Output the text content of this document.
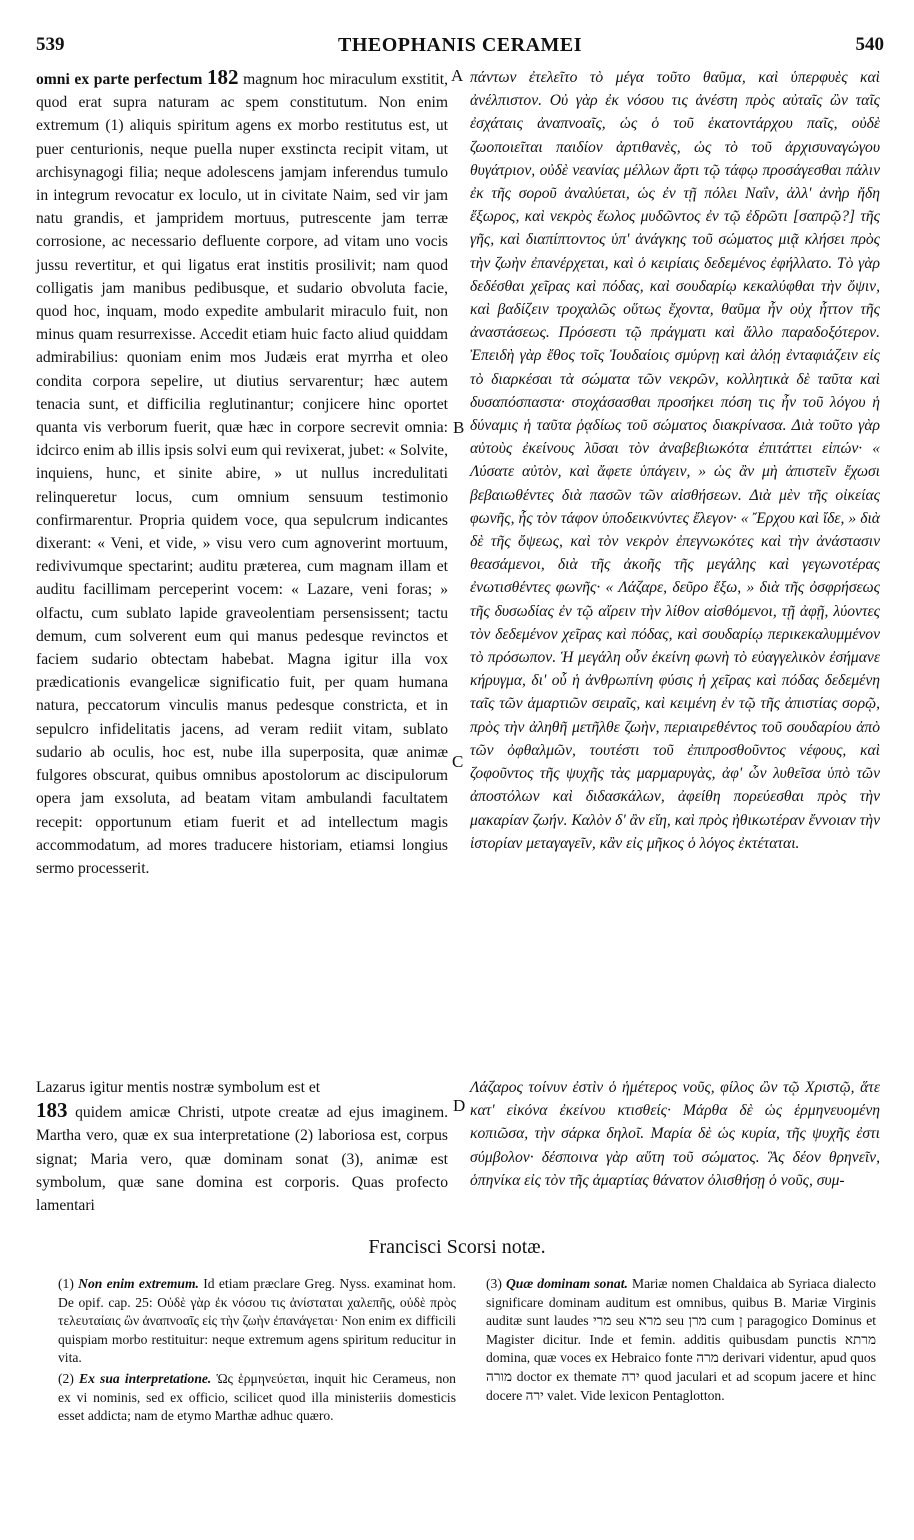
539	THEOPHANIS CERAMEI	540
A
B
C
D

omni ex parte perfectum 182 magnum hoc miraculum exstitit, quod erat supra naturam ac spem constitutum. Non enim extremum (1) aliquis spiritum agens ex morbo restitutus est, ut puer centurionis, neque puella nuper exstincta recipit vitam, ut archisynagogi filia; neque adolescens jamjam inferendus tumulo in integrum revocatur ex loculo, ut in civitate Naim, sed vir jam natu grandis, et jampridem mortuus, putrescente jam terræ corrosione, ac necessario defluente corpore, ad vitam uno vocis jussu revertitur, et qui ligatus erat institis prosilivit; nam quod colligatis jam manibus pedibusque, et sudario obvoluta facie, quod hoc, inquam, modo expedite ambularit miraculo fuit, non minus quam resurrexisse. Accedit etiam huic facto aliud quiddam admirabilius: quoniam enim mos Judæis erat myrrha et oleo condita corpora sepelire, ut diutius servarentur; hæc autem tenacia sunt, et difficilia reglutinantur; conjicere hinc oportet quanta vis verborum fuerit, quæ hæc in corpore secrevit omnia: idcirco enim ab illis ipsis solvi eum qui revixerat, jubet: « Solvite, inquiens, hunc, et sinite abire, » ut nullus incredulitati relinqueretur locus, cum omnium sensuum testimonio confirmarentur. Propria quidem voce, qua sepulcrum indicantes dixerant: « Veni, et vide, » visu vero cum agnoverint mortuum, redivivumque spectarint; auditu præterea, cum magnam illam et auditu facillimam perceperint vocem: « Lazare, veni foras; » olfactu, cum sublato lapide graveolentiam persensissent; tactu demum, cum solverent eum qui manus pedesque revinctos et faciem sudario obtectam habebat. Magna igitur illa vox prædicationis evangelicæ significatio fuit, per quam humana natura, peccatorum vinculis manus pedesque constricta, et in sepulcro infidelitatis jacens, ad veram rediit vitam, sublato sudario ab oculis, hoc est, nube illa superposita, quæ animæ fulgores obscurat, quibus omnibus apostolorum ac discipulorum opera jam exsoluta, ad beatam vitam ambulandi facultatem recepit: opportunum etiam fuerit et ad intellectum magis accommodatum, ad mores traducere historiam, etiamsi longius sermo processerit.

πάντων ἐτελεῖτο τὸ μέγα τοῦτο θαῦμα, καὶ ὑπερφυὲς καὶ ἀνέλπιστον. Οὐ γὰρ ἐκ νόσου τις ἀνέστη πρὸς αὐταῖς ὢν ταῖς ἐσχάταις ἀναπνοαῖς, ὡς ὁ τοῦ ἑκατοντάρχου παῖς, οὐδὲ ζωοποιεῖται παιδίον ἀρτιθανὲς, ὡς τὸ τοῦ ἀρχισυναγώγου θυγάτριον, οὐδὲ νεανίας μέλλων ἄρτι τῷ τάφῳ προσάγεσθαι πάλιν ἐκ τῆς σοροῦ ἀναλύεται, ὡς ἐν τῇ πόλει Ναΐν, ἀλλ' ἀνὴρ ἤδη ἔξωρος, καὶ νεκρὸς ἕωλος μυδῶντος ἐν τῷ ἐδρῶτι [σαπρῷ?] τῆς γῆς, καὶ διαπίπτοντος ὑπ' ἀνάγκης τοῦ σώματος μιᾷ κλήσει πρὸς τὴν ζωὴν ἐπανέρχεται, καὶ ὁ κειρίαις δεδεμένος ἐφήλλατο. Τὸ γὰρ δεδέσθαι χεῖρας καὶ πόδας, καὶ σουδαρίῳ κεκαλύφθαι τὴν ὄψιν, καὶ βαδίζειν τροχαλῶς οὕτως ἔχοντα, θαῦμα ἦν οὐχ ἧττον τῆς ἀναστάσεως. Πρόσεστι τῷ πράγματι καὶ ἄλλο παραδοξότερον. Ἐπειδὴ γὰρ ἔθος τοῖς Ἰουδαίοις σμύρνῃ καὶ ἀλόῃ ἐνταφιάζειν εἰς τὸ διαρκέσαι τὰ σώματα τῶν νεκρῶν, κολλητικὰ δὲ ταῦτα καὶ δυσαπόσπαστα· στοχάσασθαι προσήκει πόση τις ἦν τοῦ λόγου ἡ δύναμις ἡ ταῦτα ῥᾳδίως τοῦ σώματος διακρίνασα. Διὰ τοῦτο γὰρ αὐτοὺς ἐκείνους λῦσαι τὸν ἀναβεβιωκότα ἐπιτάττει εἰπών· « Λύσατε αὐτὸν, καὶ ἄφετε ὑπάγειν, » ὡς ἂν μὴ ἀπιστεῖν ἔχωσι βεβαιωθέντες διὰ πασῶν τῶν αἰσθήσεων. Διὰ μὲν τῆς οἰκείας φωνῆς, ἧς τὸν τάφον ὑποδεικνύντες ἔλεγον· « Ἔρχου καὶ ἴδε, » διὰ δὲ τῆς ὄψεως, καὶ τὸν νεκρὸν ἐπεγνωκότες καὶ τὴν ἀνάστασιν θεασάμενοι, διὰ τῆς ἀκοῆς τῆς μεγάλης καὶ γεγωνοτέρας ἐνωτισθέντες φωνῆς· « Λάζαρε, δεῦρο ἔξω, » διὰ τῆς ὀσφρήσεως τῆς δυσωδίας ἐν τῷ αἴρειν τὴν λίθον αἰσθόμενοι, τῇ ἀφῇ, λύοντες τὸν δεδεμένον χεῖρας καὶ πόδας, καὶ σουδαρίῳ περικεκαλυμμένον τὸ πρόσωπον. Ἡ μεγάλη οὖν ἐκείνη φωνὴ τὸ εὐαγγελικὸν ἐσήμανε κήρυγμα, δι' οὗ ἡ ἀνθρωπίνη φύσις ἡ χεῖρας καὶ πόδας δεδεμένη ταῖς τῶν ἁμαρτιῶν σειραῖς, καὶ κειμένη ἐν τῷ τῆς ἀπιστίας σορῷ, πρὸς τὴν ἀληθῆ μετῆλθε ζωὴν, περιαιρεθέντος τοῦ σουδαρίου ἀπὸ τῶν ὀφθαλμῶν, τουτέστι τοῦ ἐπιπροσθοῦντος νέφους, καὶ ζοφοῦντος τῆς ψυχῆς τὰς μαρμαρυγὰς, ἀφ' ὧν λυθεῖσα ὑπὸ τῶν ἀποστόλων καὶ διδασκάλων, ἀφείθη πορεύεσθαι πρὸς τὴν μακαρίαν ζωήν. Καλὸν δ' ἂν εἴη, καὶ πρὸς ἠθικωτέραν ἔννοιαν τὴν ἱστορίαν μεταγαγεῖν, κἂν εἰς μῆκος ὁ λόγος ἐκτέταται.

Lazarus igitur mentis nostræ symbolum est et
183 quidem amicæ Christi, utpote creatæ ad ejus imaginem. Martha vero, quæ ex sua interpretatione (2) laboriosa est, corpus signat; Maria vero, quæ dominam sonat (3), animæ est symbolum, quæ sane domina est corporis. Quas profecto lamentari

Λάζαρος τοίνυν ἐστὶν ὁ ἡμέτερος νοῦς, φίλος ὢν τῷ Χριστῷ, ἅτε κατ' εἰκόνα ἐκείνου κτισθείς· Μάρθα δὲ ὡς ἑρμηνευομένη κοπιῶσα, τὴν σάρκα δηλοῖ. Μαρία δὲ ὡς κυρία, τῆς ψυχῆς ἐστι σύμβολον· δέσποινα γὰρ αὕτη τοῦ σώματος. Ἃς δέον θρηνεῖν, ὁπηνίκα εἰς τὸν τῆς ἁμαρτίας θάνατον ὀλισθήσῃ ὁ νοῦς, συμ-

Francisci Scorsi notæ.

(1) Non enim extremum. Id etiam præclare Greg. Nyss. examinat hom. De opif. cap. 25: Οὐδὲ γὰρ ἐκ νόσου τις ἀνίσταται χαλεπῆς, οὐδὲ πρὸς τελευταίαις ὢν ἀναπνοαῖς εἰς τὴν ζωὴν ἐπανάγεται· Non enim ex difficili quispiam morbo restituitur: neque extremum agens spiritum reducitur in vita.

(2) Ex sua interpretatione. Ὡς ἑρμηνεύεται, inquit hic Cerameus, non ex vi nominis, sed ex officio, scilicet quod illa ministeriis domesticis esset addicta; nam de etymo Marthæ adhuc quæro.

(3) Quæ dominam sonat. Mariæ nomen Chaldaica ab Syriaca dialecto significare dominam auditum est omnibus, quibus B. Mariæ Virginis auditæ sunt laudes מרי seu מרא seu מרן cum ן paragogico Dominus et Magister dicitur. Inde et femin. additis quibusdam punctis מרתא domina, quæ voces ex Hebraico fonte מרה derivari videntur, apud quos מורה doctor ex themate ירה quod jaculari et ad scopum jacere et hinc docere ירה valet. Vide lexicon Pentaglotton.
